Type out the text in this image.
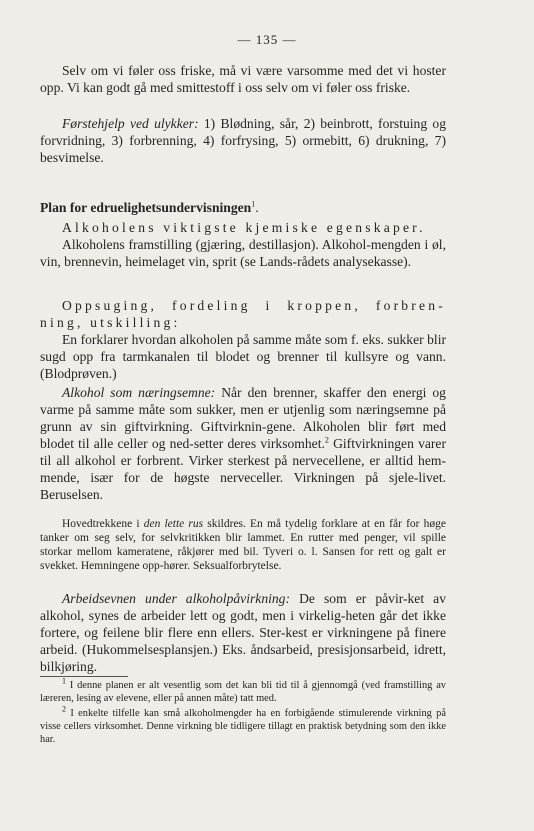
— 135 —
Selv om vi føler oss friske, må vi være varsomme med det vi hoster opp. Vi kan godt gå med smittestoff i oss selv om vi føler oss friske.
Førstehjelp ved ulykker: 1) Blødning, sår, 2) beinbrott, forstuing og forvridning, 3) forbrenning, 4) forfrysing, 5) ormebitt, 6) drukning, 7) besvimelse.
Plan for edruelighetsundervisningen$^1$.
Alkoholens viktigste kjemiske egenskaper.
Alkoholens framstilling (gjæring, destillasjon). Alkohol-mengden i øl, vin, brennevin, heimelaget vin, sprit (se Lands-rådets analysekasse).
Oppsuging, fordeling i kroppen, forbren-ning, utskilling:
En forklarer hvordan alkoholen på samme måte som f. eks. sukker blir sugd opp fra tarmkanalen til blodet og brenner til kullsyre og vann. (Blodprøven.)
Alkohol som næringsemne: Når den brenner, skaffer den energi og varme på samme måte som sukker, men er utjenlig som næringsemne på grunn av sin giftvirkning. Giftvirknin-gene. Alkoholen blir ført med blodet til alle celler og ned-setter deres virksomhet.$^2$ Giftvirkningen varer til all alkohol er forbrent. Virker sterkest på nervecellene, er alltid hem-mende, især for de høgste nerveceller. Virkningen på sjele-livet. Beruselsen.
Hovedtrekkene i den lette rus skildres. En må tydelig forklare at en får for høge tanker om seg selv, for selvkritikken blir lammet. En rutter med penger, vil spille storkar mellom kameratene, råkjører med bil. Tyveri o. l. Sansen for rett og galt er svekket. Hemningene opp-hører. Seksualforbrytelse.
Arbeidsevnen under alkoholpåvirkning: De som er påvir-ket av alkohol, synes de arbeider lett og godt, men i virkelig-heten går det ikke fortere, og feilene blir flere enn ellers. Ster-kest er virkningene på finere arbeid. (Hukommelsesplansjen.) Eks. åndsarbeid, presisjonsarbeid, idrett, bilkjøring.
$^1$ I denne planen er alt vesentlig som det kan bli tid til å gjennomgå (ved framstilling av læreren, lesing av elevene, eller på annen måte) tatt med.
$^2$ I enkelte tilfelle kan små alkoholmengder ha en forbigående stimulerende virkning på visse cellers virksomhet. Denne virkning ble tidligere tillagt en praktisk betydning som den ikke har.
